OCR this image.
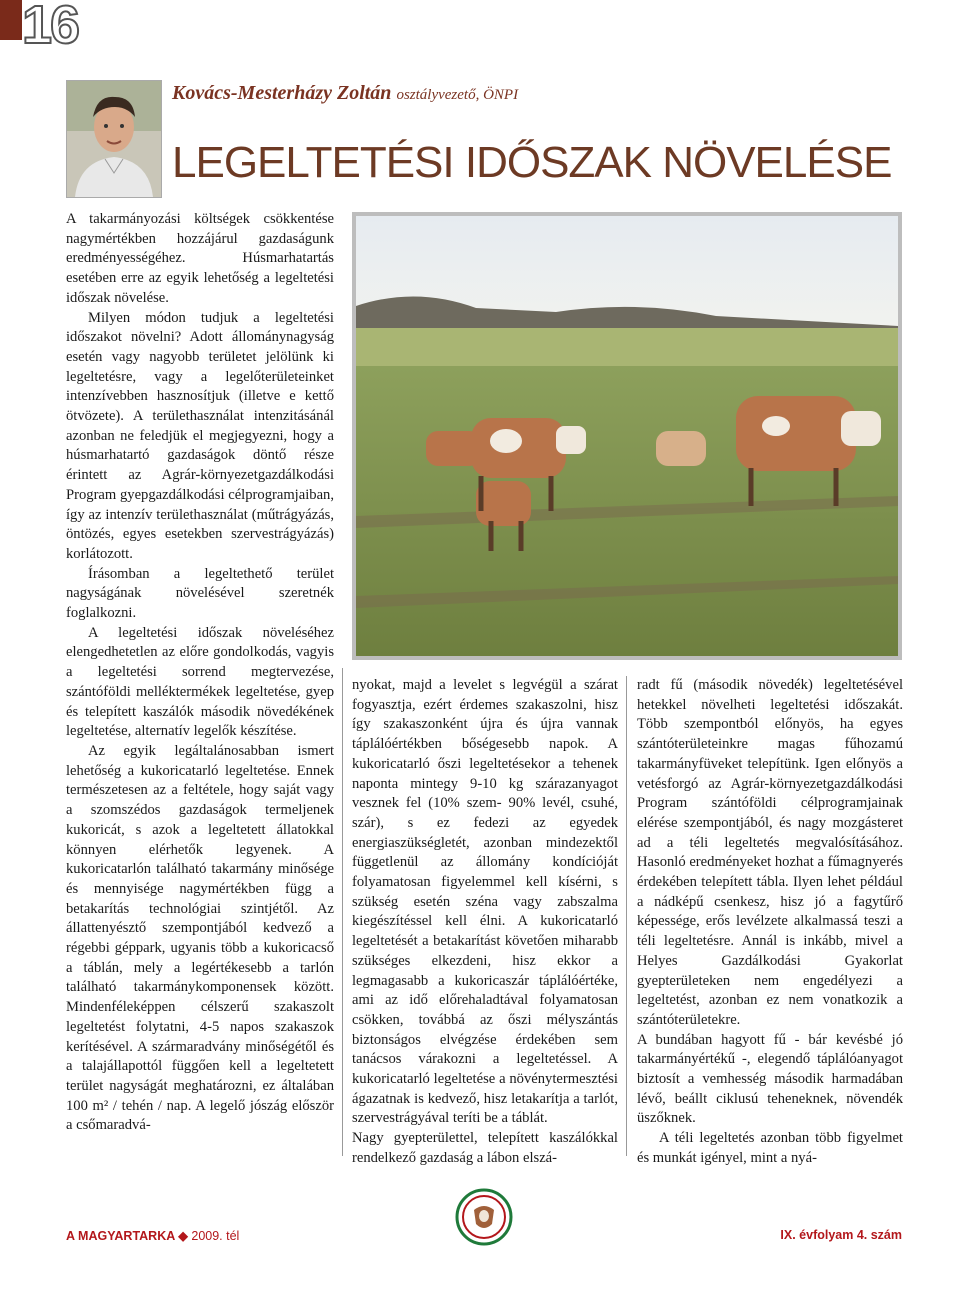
16
Kovács-Mesterházy Zoltán osztályvezető, ÖNPI
LEGELTETÉSI IDŐSZAK NÖVELÉSE

A takarmányozási költségek csökkentése nagymértékben hozzájárul gazdaságunk eredményességéhez. Húsmarhatartás esetében erre az egyik lehetőség a legeltetési időszak növelése.

Milyen módon tudjuk a legeltetési időszakot növelni? Adott állománynagyság esetén vagy nagyobb területet jelölünk ki legeltetésre, vagy a legelőterületeinket intenzívebben hasznosítjuk (illetve e kettő ötvözete). A területhasználat intenzitásánál azonban ne feledjük el megjegyezni, hogy a húsmarhatartó gazdaságok döntő része érintett az Agrár-környezetgazdálkodási Program gyepgazdálkodási célprogramjaiban, így az intenzív területhasználat (műtrágyázás, öntözés, egyes esetekben szervestrágyázás) korlátozott.

Írásomban a legeltethető terület nagyságának növelésével szeretnék foglalkozni.

A legeltetési időszak növeléséhez elengedhetetlen az előre gondolkodás, vagyis a legeltetési sorrend megtervezése, szántóföldi melléktermékek legeltetése, gyep és telepített kaszálók második növedékének legeltetése, alternatív legelők készítése.

Az egyik legáltalánosabban ismert lehetőség a kukoricatarló legeltetése. Ennek természetesen az a feltétele, hogy saját vagy a szomszédos gazdaságok termeljenek kukoricát, s azok a legeltetett állatokkal könnyen elérhetők legyenek. A kukoricatarlón található takarmány minősége és mennyisége nagymértékben függ a betakarítás technológiai szintjétől. Az állattenyésztő szempontjából kedvező a régebbi géppark, ugyanis több a kukoricacső a táblán, mely a legértékesebb a tarlón található takarmánykomponensek között. Mindenféleképpen célszerű szakaszolt legeltetést folytatni, 4-5 napos szakaszok kerítésével. A szármaradvány minőségétől és a talajállapottól függően kell a legeltetett terület nagyságát meghatározni, ez általában 100 m² / tehén / nap. A legelő jószág először a csőmaradvá-

nyokat, majd a levelet s legvégül a szárat fogyasztja, ezért érdemes szakaszolni, hisz így szakaszonként újra és újra vannak táplálóértékben bőségesebb napok. A kukoricatarló őszi legeltetésekor a tehenek naponta mintegy 9-10 kg szárazanyagot vesznek fel (10% szem- 90% levél, csuhé, szár), s ez fedezi az egyedek energiaszükségletét, azonban mindezektől függetlenül az állomány kondícióját folyamatosan figyelemmel kell kísérni, s szükség esetén széna vagy zabszalma kiegészítéssel kell élni. A kukoricatarló legeltetését a betakarítást követően miharabb szükséges elkezdeni, hisz ekkor a legmagasabb a kukoricaszár táplálóértéke, ami az idő előrehaladtával folyamatosan csökken, továbbá az őszi mélyszántás biztonságos elvégzése érdekében sem tanácsos várakozni a legeltetéssel. A kukoricatarló legeltetése a növénytermesztési ágazatnak is kedvező, hisz letakarítja a tarlót, szervestrágyával teríti be a táblát.

Nagy gyepterülettel, telepített kaszálókkal rendelkező gazdaság a lábon elszá-

radt fű (második növedék) legeltetésével hetekkel növelheti legeltetési időszakát. Több szempontból előnyös, ha egyes szántóterületeinkre magas fűhozamú takarmányfüveket telepítünk. Igen előnyös a vetésforgó az Agrár-környezetgazdálkodási Program szántóföldi célprogramjainak elérése szempontjából, és nagy mozgásteret ad a téli legeltetés megvalósításához. Hasonló eredményeket hozhat a fűmagnyerés érdekében telepített tábla. Ilyen lehet például a nádképű csenkesz, hisz jó a fagytűrő képessége, erős levélzete alkalmassá teszi a téli legeltetésre. Annál is inkább, mivel a Helyes Gazdálkodási Gyakorlat gyepterületeken nem engedélyezi a legeltetést, azonban ez nem vonatkozik a szántóterületekre.

A bundában hagyott fű - bár kevésbé jó takarmányértékű -, elegendő táplálóanyagot biztosít a vemhesség második harmadában lévő, beállt ciklusú teheneknek, növendék üszőknek.

A téli legeltetés azonban több figyelmet és munkát igényel, mint a nyá-

A MAGYARTARKA ◆ 2009. tél	IX. évfolyam 4. szám
